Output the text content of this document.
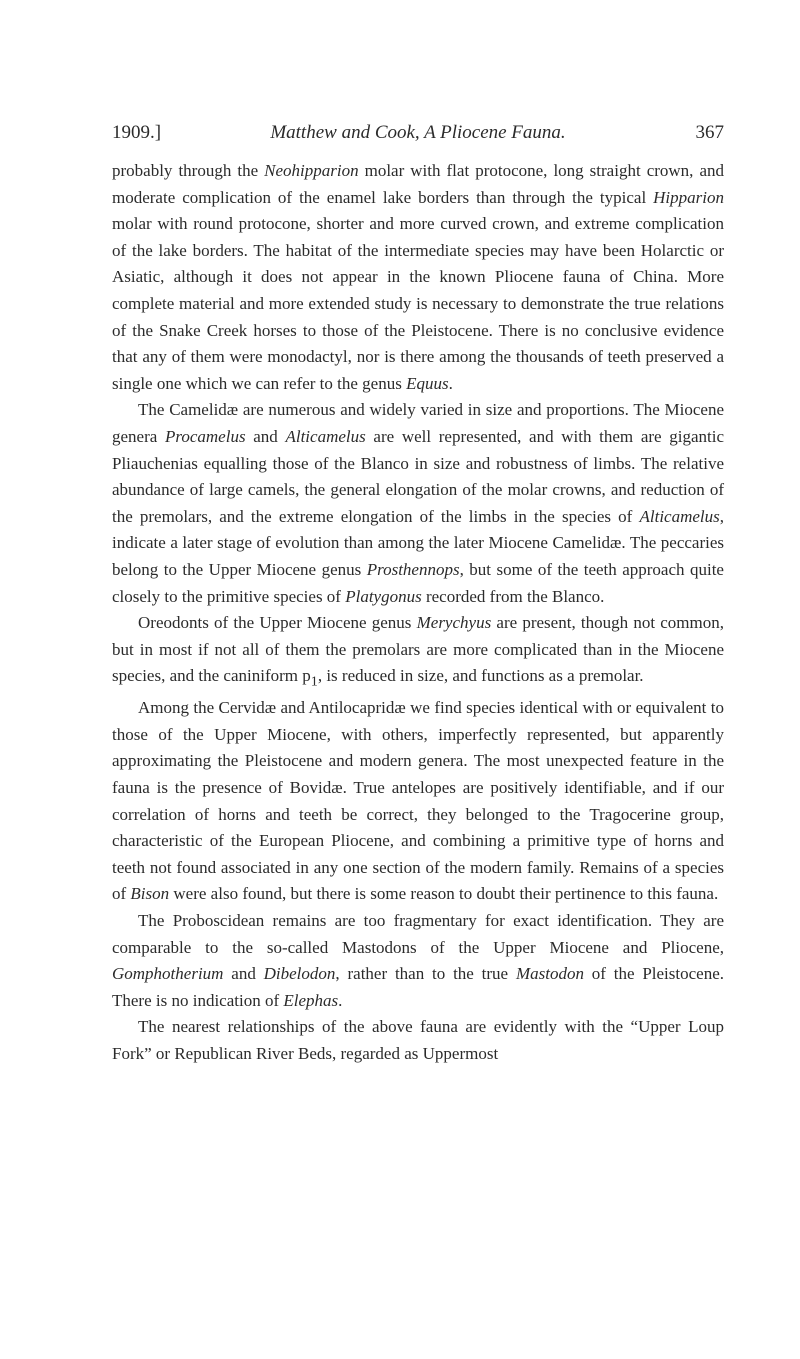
1909.]	Matthew and Cook, A Pliocene Fauna.	367

probably through the Neohipparion molar with flat protocone, long straight crown, and moderate complication of the enamel lake borders than through the typical Hipparion molar with round protocone, shorter and more curved crown, and extreme complication of the lake borders. The habitat of the intermediate species may have been Holarctic or Asiatic, although it does not appear in the known Pliocene fauna of China. More complete material and more extended study is necessary to demonstrate the true relations of the Snake Creek horses to those of the Pleistocene. There is no conclusive evidence that any of them were monodactyl, nor is there among the thousands of teeth preserved a single one which we can refer to the genus Equus.

The Camelidæ are numerous and widely varied in size and proportions. The Miocene genera Procamelus and Alticamelus are well represented, and with them are gigantic Pliauchenias equalling those of the Blanco in size and robustness of limbs. The relative abundance of large camels, the general elongation of the molar crowns, and reduction of the premolars, and the extreme elongation of the limbs in the species of Alticamelus, indicate a later stage of evolution than among the later Miocene Camelidæ. The peccaries belong to the Upper Miocene genus Prosthennops, but some of the teeth approach quite closely to the primitive species of Platygonus recorded from the Blanco.

Oreodonts of the Upper Miocene genus Merychyus are present, though not common, but in most if not all of them the premolars are more complicated than in the Miocene species, and the caniniform $p_1$, is reduced in size, and functions as a premolar.

Among the Cervidæ and Antilocapridæ we find species identical with or equivalent to those of the Upper Miocene, with others, imperfectly represented, but apparently approximating the Pleistocene and modern genera. The most unexpected feature in the fauna is the presence of Bovidæ. True antelopes are positively identifiable, and if our correlation of horns and teeth be correct, they belonged to the Tragocerine group, characteristic of the European Pliocene, and combining a primitive type of horns and teeth not found associated in any one section of the modern family. Remains of a species of Bison were also found, but there is some reason to doubt their pertinence to this fauna.

The Proboscidean remains are too fragmentary for exact identification. They are comparable to the so-called Mastodons of the Upper Miocene and Pliocene, Gomphotherium and Dibelodon, rather than to the true Mastodon of the Pleistocene. There is no indication of Elephas.

The nearest relationships of the above fauna are evidently with the “Upper Loup Fork” or Republican River Beds, regarded as Uppermost
